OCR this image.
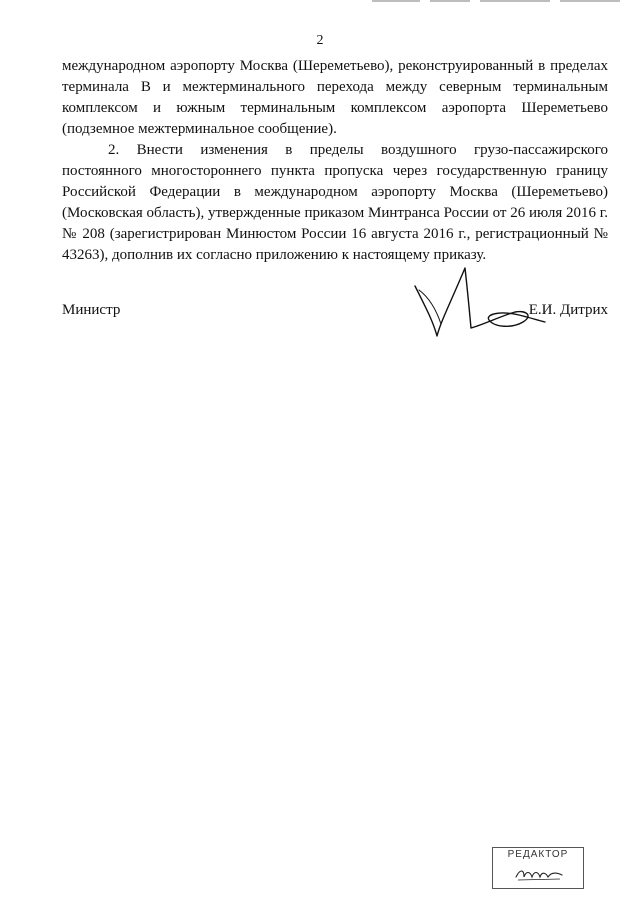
2

международном аэропорту Москва (Шереметьево), реконструированный в пределах терминала В и межтерминального перехода между северным терминальным комплексом и южным терминальным комплексом аэропорта Шереметьево (подземное межтерминальное сообщение).

2. Внести изменения в пределы воздушного грузо-пассажирского постоянного многостороннего пункта пропуска через государственную границу Российской Федерации в международном аэропорту Москва (Шереметьево) (Московская область), утвержденные приказом Минтранса России от 26 июля 2016 г. № 208 (зарегистрирован Минюстом России 16 августа 2016 г., регистрационный № 43263), дополнив их согласно приложению к настоящему приказу.

Министр	Е.И. Дитрих
РЕДАКТОР
